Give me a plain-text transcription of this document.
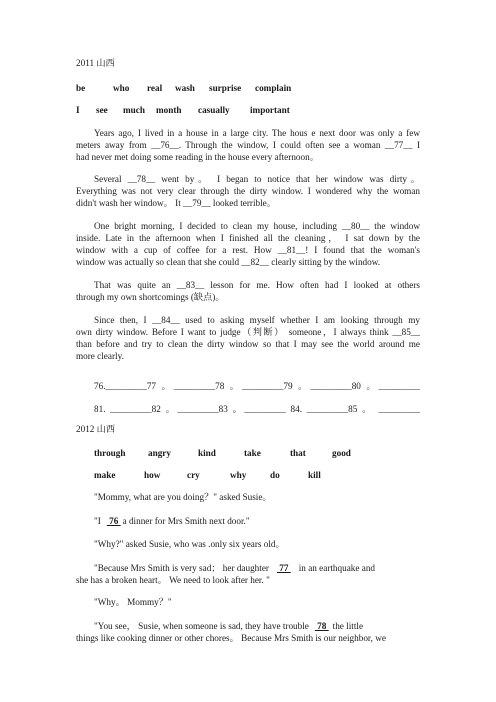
2011 山西
be	who	real	wash	surprise	complain
I	see	much	month	casually	important
Years ago, I lived in a house in a large city. The hous e next door was only a few
meters away from __76__. Through the window, I could often see a woman __77__ I
had never met doing some reading in the house every afternoon。
Several __78__ went by。 I began to notice that her window was dirty。
Everything was not very clear through the dirty window. I wondered why the woman
didn't wash her window。 It __79__ looked terrible。
One bright morning, I decided to clean my house, including __80__ the window
inside. Late in the afternoon when I finished all the cleaning， I sat down by the
window with a cup of coffee for a rest. How __81__! I found that the woman's
window was actually so clean that she could __82__ clearly sitting by the window.
That was quite an __83__ lesson for me. How often had I looked at others
through my own shortcomings (缺点)。
Since then, I __84__ used to asking myself whether I am looking through my
own dirty window. Before I want to judge（判断） someone，I always think __85__
than before and try to clean the dirty window so that I may see the world around me
more clearly.
76._________77 。_________78 。_________79 。_________80 。_________
81. _________82 。_________83 。_________ 84. _________85 。 _________
2012 山西
through	angry	kind	take	that	good
make	how	cry	why	do	kill
"Mommy, what are you doing？" asked Susie。
"I 76 a dinner for Mrs Smith next door."
"Why?" asked Susie, who was .only six years old。
"Because Mrs Smith is very sad； her daughter 77 in an earthquake and
she has a broken heart。 We need to look after her. "
"Why。 Mommy？"
"You see， Susie, when someone is sad, they have trouble 78 the little
things like cooking dinner or other chores。 Because Mrs Smith is our neighbor, we
